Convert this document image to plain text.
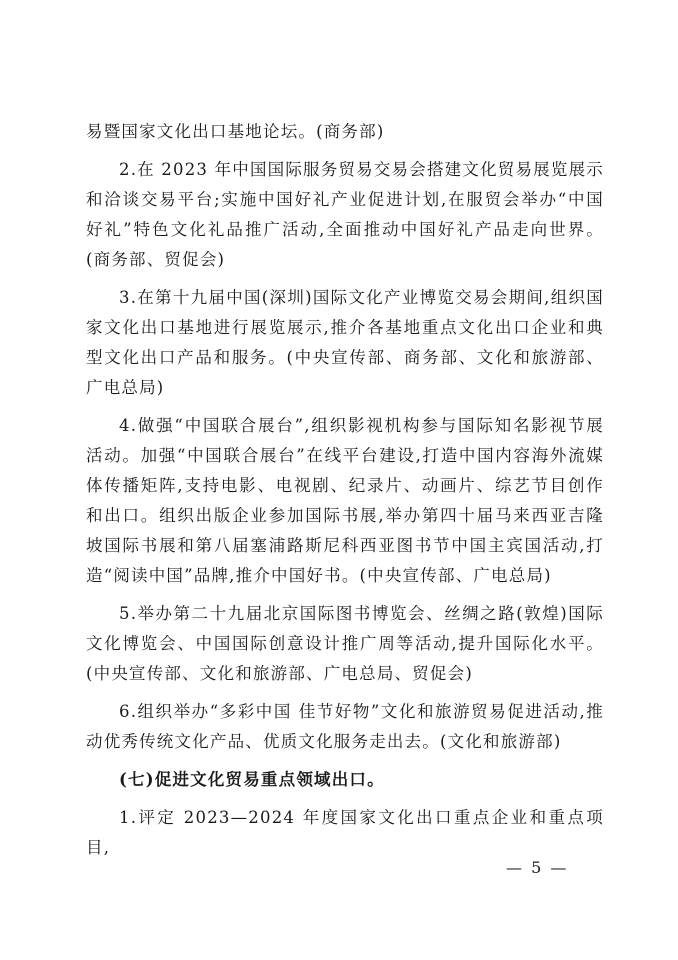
易暨国家文化出口基地论坛。(商务部)

2.在 2023 年中国国际服务贸易交易会搭建文化贸易展览展示和洽谈交易平台;实施中国好礼产业促进计划,在服贸会举办“中国好礼”特色文化礼品推广活动,全面推动中国好礼产品走向世界。(商务部、贸促会)

3.在第十九届中国(深圳)国际文化产业博览交易会期间,组织国家文化出口基地进行展览展示,推介各基地重点文化出口企业和典型文化出口产品和服务。(中央宣传部、商务部、文化和旅游部、广电总局)

4.做强“中国联合展台”,组织影视机构参与国际知名影视节展活动。加强“中国联合展台”在线平台建设,打造中国内容海外流媒体传播矩阵,支持电影、电视剧、纪录片、动画片、综艺节目创作和出口。组织出版企业参加国际书展,举办第四十届马来西亚吉隆坡国际书展和第八届塞浦路斯尼科西亚图书节中国主宾国活动,打造“阅读中国”品牌,推介中国好书。(中央宣传部、广电总局)

5.举办第二十九届北京国际图书博览会、丝绸之路(敦煌)国际文化博览会、中国国际创意设计推广周等活动,提升国际化水平。(中央宣传部、文化和旅游部、广电总局、贸促会)

6.组织举办“多彩中国 佳节好物”文化和旅游贸易促进活动,推动优秀传统文化产品、优质文化服务走出去。(文化和旅游部)

(七)促进文化贸易重点领域出口。

1.评定 2023—2024 年度国家文化出口重点企业和重点项目,

— 5 —
